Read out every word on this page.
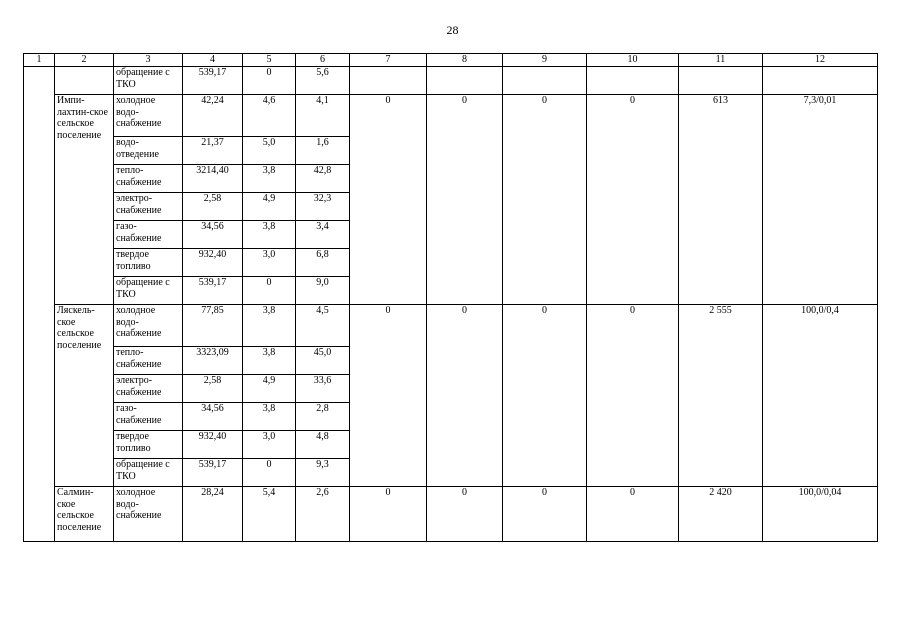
28
1	2	3	4	5	6	7	8	9	10	11	12
		обращение с ТКО	539,17	0	5,6						
	Импи-лахтин-ское сельское поселение	холодное водо-снабжение	42,24	4,6	4,1	0	0	0	0	613	7,3/0,01
		водо-отведение	21,37	5,0	1,6						
		тепло-снабжение	3214,40	3,8	42,8						
		электро-снабжение	2,58	4,9	32,3						
		газо-снабжение	34,56	3,8	3,4						
		твердое топливо	932,40	3,0	6,8						
		обращение с ТКО	539,17	0	9,0						
	Ляскель-ское сельское поселение	холодное водо-снабжение	77,85	3,8	4,5	0	0	0	0	2 555	100,0/0,4
		тепло-снабжение	3323,09	3,8	45,0						
		электро-снабжение	2,58	4,9	33,6						
		газо-снабжение	34,56	3,8	2,8						
		твердое топливо	932,40	3,0	4,8						
		обращение с ТКО	539,17	0	9,3						
	Салмин-ское сельское поселение	холодное водо-снабжение	28,24	5,4	2,6	0	0	0	0	2 420	100,0/0,04
